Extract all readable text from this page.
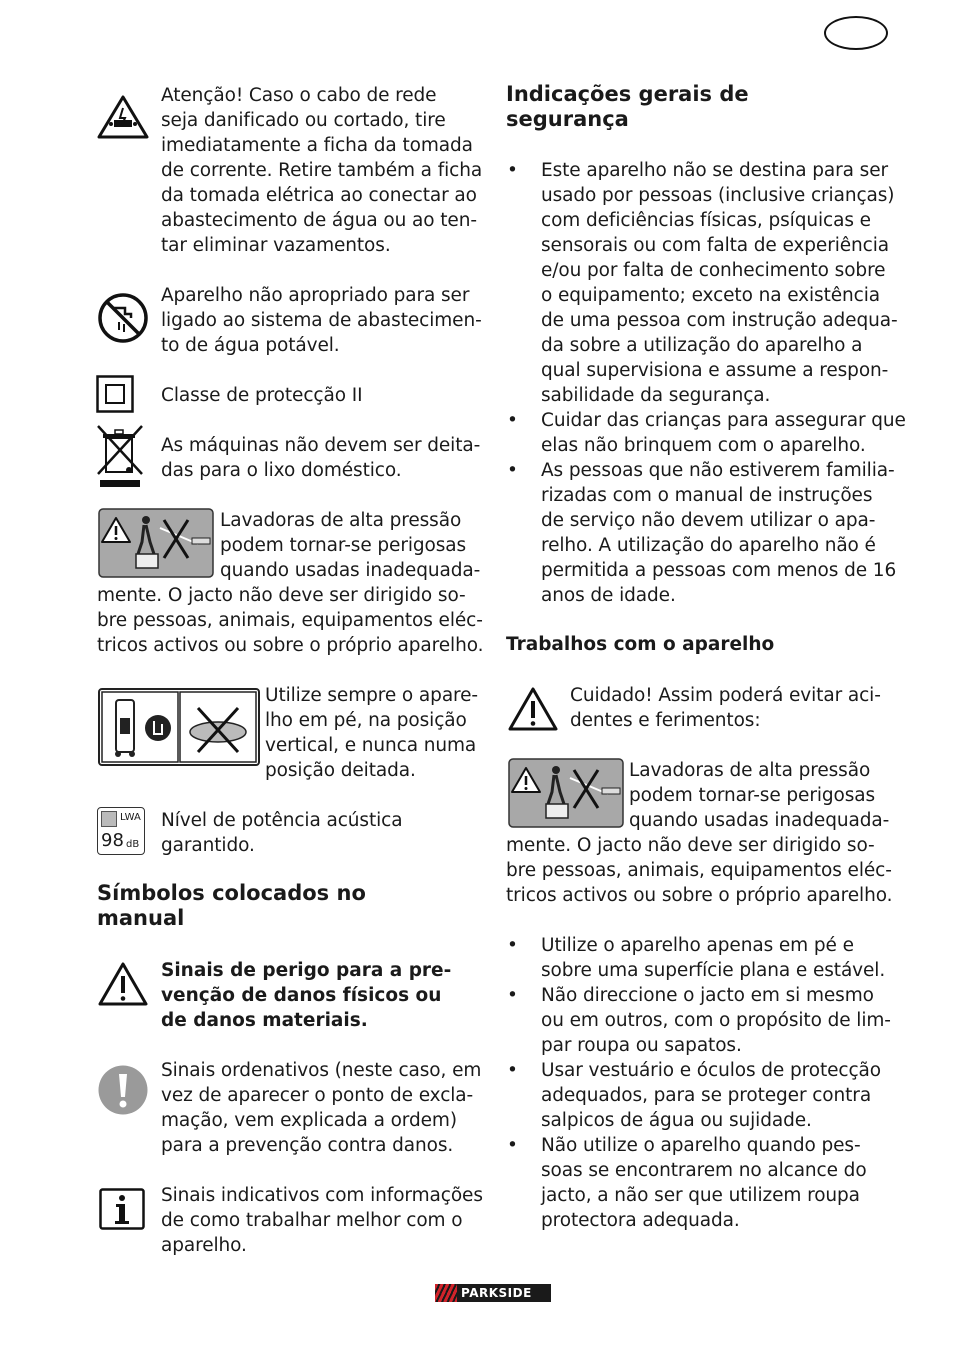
Atenção! Caso o cabo de rede
seja danificado ou cortado, tire
imediatamente a ficha da tomada
de corrente. Retire também a ficha
da tomada elétrica ao conectar ao
abastecimento de água ou ao ten-
tar eliminar vazamentos.
Aparelho não apropriado para ser
ligado ao sistema de abastecimen-
to de água potável.
Classe de protecção II
As máquinas não devem ser deita-
das para o lixo doméstico.
Lavadoras de alta pressão
podem tornar-se perigosas
quando usadas inadequada-
mente. O jacto não deve ser dirigido so-
bre pessoas, animais, equipamentos eléc-
tricos activos ou sobre o próprio aparelho.
Utilize sempre o apare-
lho em pé, na posição
vertical, e nunca numa
posição deitada.
LWA
98 dB
Nível de potência acústica
garantido.
Símbolos colocados no
manual
Sinais de perigo para a pre-
venção de danos físicos ou
de danos materiais.
Sinais ordenativos (neste caso, em
vez de aparecer o ponto de excla-
mação, vem explicada a ordem)
para a prevenção contra danos.
Sinais indicativos com informações
de como trabalhar melhor com o
aparelho.
Indicações gerais de
segurança
• Este aparelho não se destina para ser
usado por pessoas (inclusive crianças)
com deficiências físicas, psíquicas e
sensorais ou com falta de experiência
e/ou por falta de conhecimento sobre
o equipamento; exceto na existência
de uma pessoa com instrução adequa-
da sobre a utilização do aparelho a
qual supervisiona e assume a respon-
sabilidade da segurança.
• Cuidar das crianças para assegurar que
elas não brinquem com o aparelho.
• As pessoas que não estiverem familia-
rizadas com o manual de instruções
de serviço não devem utilizar o apa-
relho. A utilização do aparelho não é
permitida a pessoas com menos de 16
anos de idade.
Trabalhos com o aparelho
Cuidado! Assim poderá evitar aci-
dentes e ferimentos:
Lavadoras de alta pressão
podem tornar-se perigosas
quando usadas inadequada-
mente. O jacto não deve ser dirigido so-
bre pessoas, animais, equipamentos eléc-
tricos activos ou sobre o próprio aparelho.
• Utilize o aparelho apenas em pé e
sobre uma superfície plana e estável.
• Não direccione o jacto em si mesmo
ou em outros, com o propósito de lim-
par roupa ou sapatos.
• Usar vestuário e óculos de protecção
adequados, para se proteger contra
salpicos de água ou sujidade.
• Não utilize o aparelho quando pes-
soas se encontrarem no alcance do
jacto, a não ser que utilizem roupa
protectora adequada.
PARKSIDE
